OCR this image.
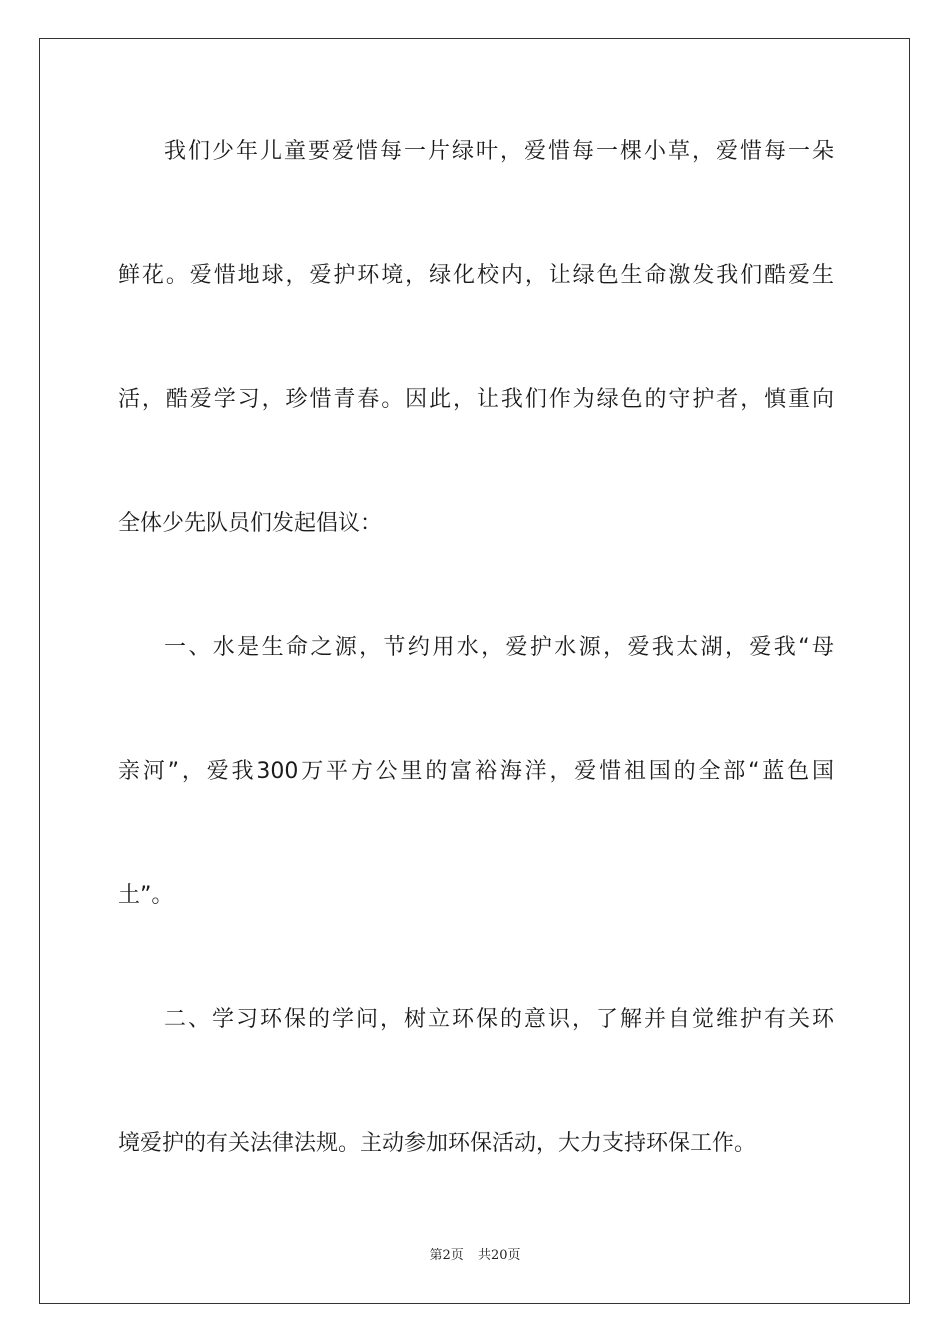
我们少年儿童要爱惜每一片绿叶，爱惜每一棵小草，爱惜每一朵
鲜花。爱惜地球，爱护环境，绿化校内，让绿色生命激发我们酷爱生
活，酷爱学习，珍惜青春。因此，让我们作为绿色的守护者，慎重向
全体少先队员们发起倡议：
一、水是生命之源，节约用水，爱护水源，爱我太湖，爱我“母
亲河”，爱我300万平方公里的富裕海洋，爱惜祖国的全部“蓝色国
土”。
二、学习环保的学问，树立环保的意识，了解并自觉维护有关环
境爱护的有关法律法规。主动参加环保活动，大力支持环保工作。
第2页 共20页
